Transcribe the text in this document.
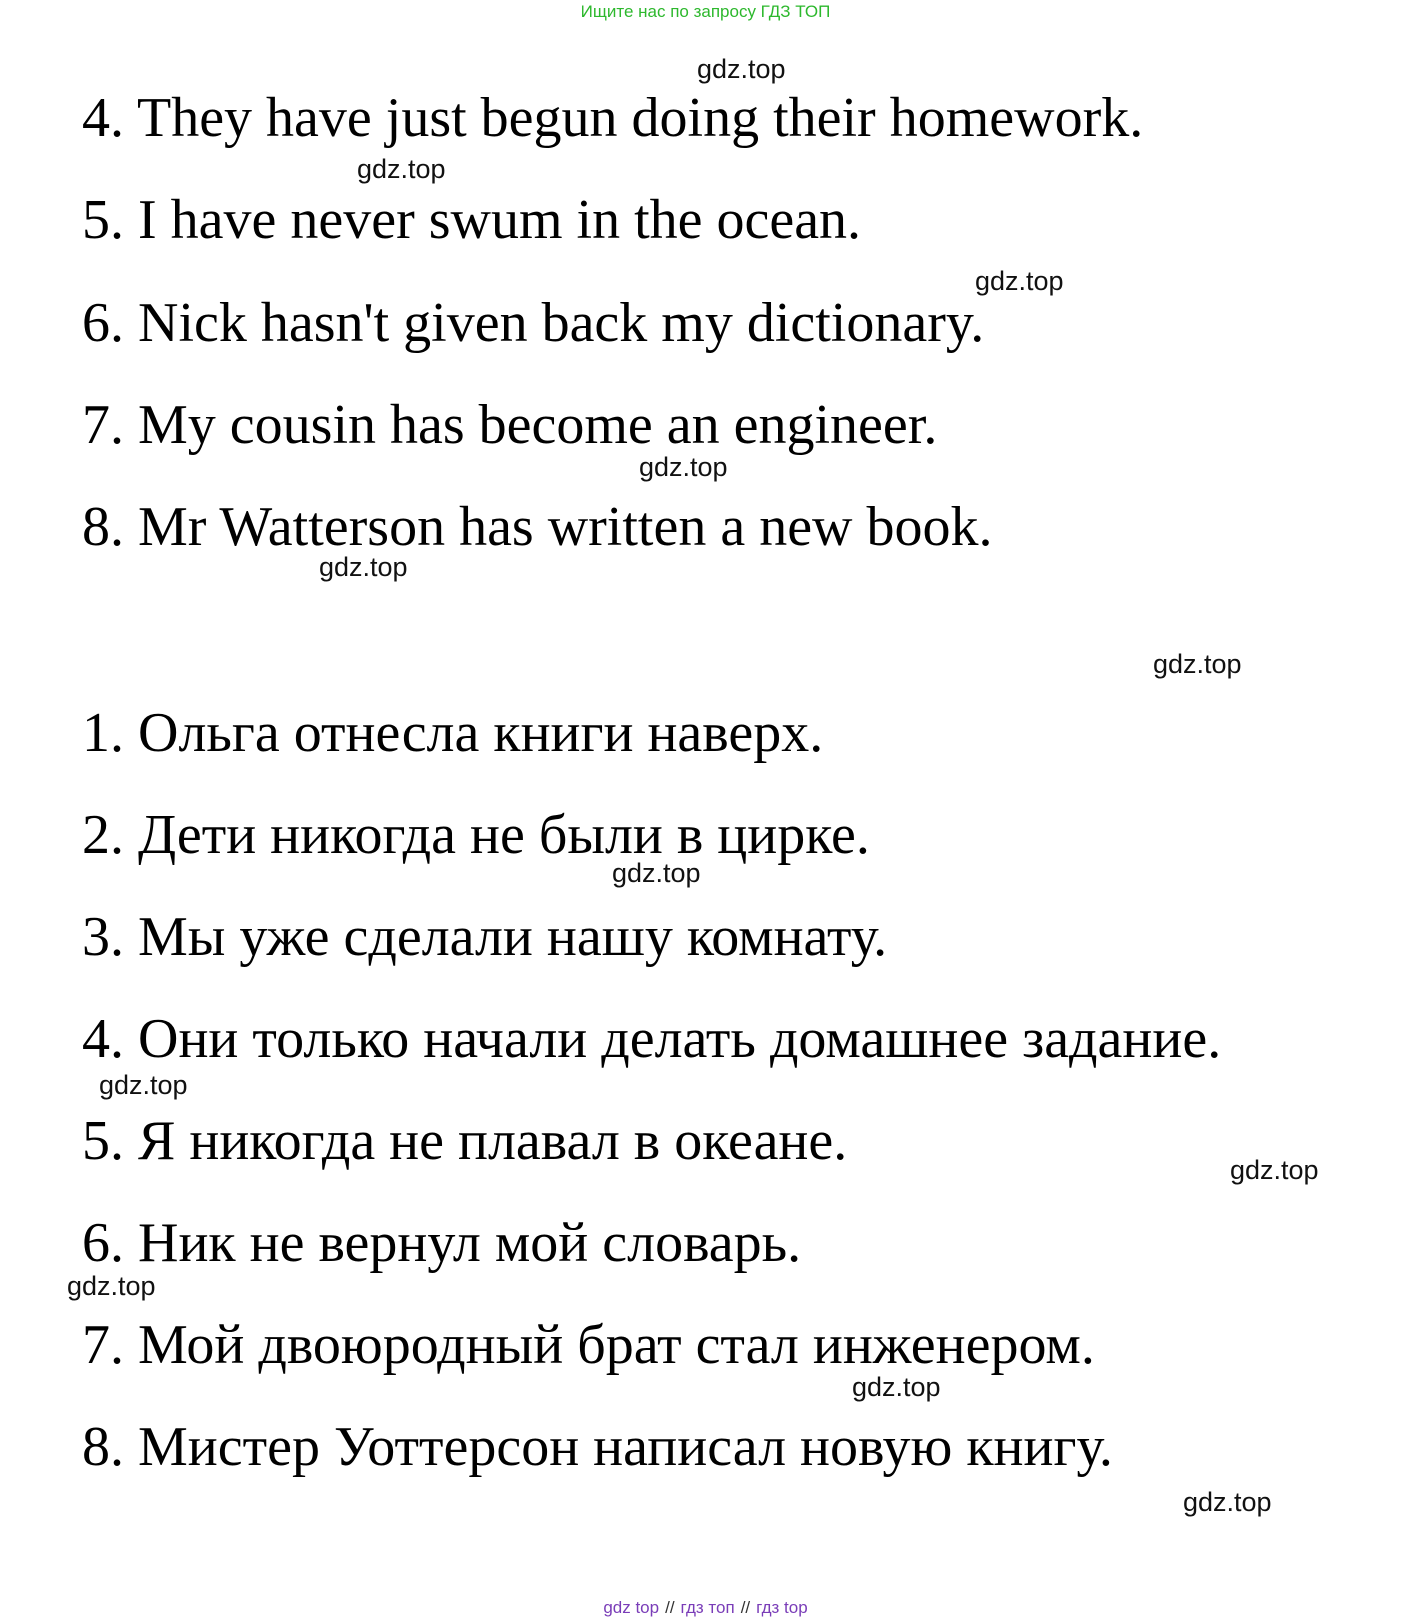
Ищите нас по запросу ГДЗ ТОП
gdz.top
gdz.top
gdz.top
gdz.top
gdz.top
gdz.top
gdz.top
gdz.top
gdz.top
gdz.top
gdz.top
gdz.top
4. They have just begun doing their homework.
5. I have never swum in the ocean.
6. Nick hasn't given back my dictionary.
7. My cousin has become an engineer.
8. Mr Watterson has written a new book.
1. Ольга отнесла книги наверх.
2. Дети никогда не были в цирке.
3. Мы уже сделали нашу комнату.
4. Они только начали делать домашнее задание.
5. Я никогда не плавал в океане.
6. Ник не вернул мой словарь.
7. Мой двоюродный брат стал инженером.
8. Мистер Уоттерсон написал новую книгу.
gdz top // гдз топ // гдз top
